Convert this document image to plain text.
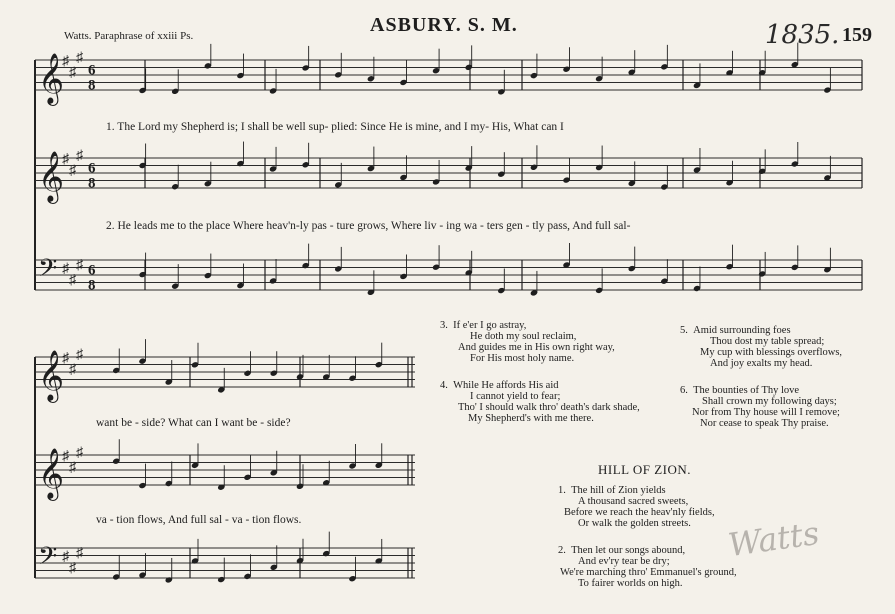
Watts. Paraphrase of xxiii Ps.	ASBURY. S. M.	1835. 159
𝄞
♯
♯
♯
6
8
𝄞
♯
♯
♯
6
8
𝄢 ♯
♯
♯ 6
8
𝄞
♯
♯
♯
𝄞
♯
♯
♯
𝄢 ♯
♯
♯
1. The Lord my Shepherd is; I shall be well sup- plied: Since He is mine, and I my- His, What can I
2. He leads me to the place Where heav'n-ly pas - ture grows, Where liv - ing wa - ters gen - tly pass, And full sal-
want be - side? What can I want be - side?
va - tion flows, And full sal - va - tion flows.
3. If e'er I go astray,
He doth my soul reclaim,
And guides me in His own right way,
For His most holy name.
4. While He affords His aid
I cannot yield to fear;
Tho' I should walk thro' death's dark shade,
My Shepherd's with me there.
5. Amid surrounding foes
Thou dost my table spread;
My cup with blessings overflows,
And joy exalts my head.
6. The bounties of Thy love
Shall crown my following days;
Nor from Thy house will I remove;
Nor cease to speak Thy praise.
HILL OF ZION.
1. The hill of Zion yields
A thousand sacred sweets,
Before we reach the heav'nly fields,
Or walk the golden streets.
2. Then let our songs abound,
And ev'ry tear be dry;
We're marching thro' Emmanuel's ground,
To fairer worlds on high.
Watts
